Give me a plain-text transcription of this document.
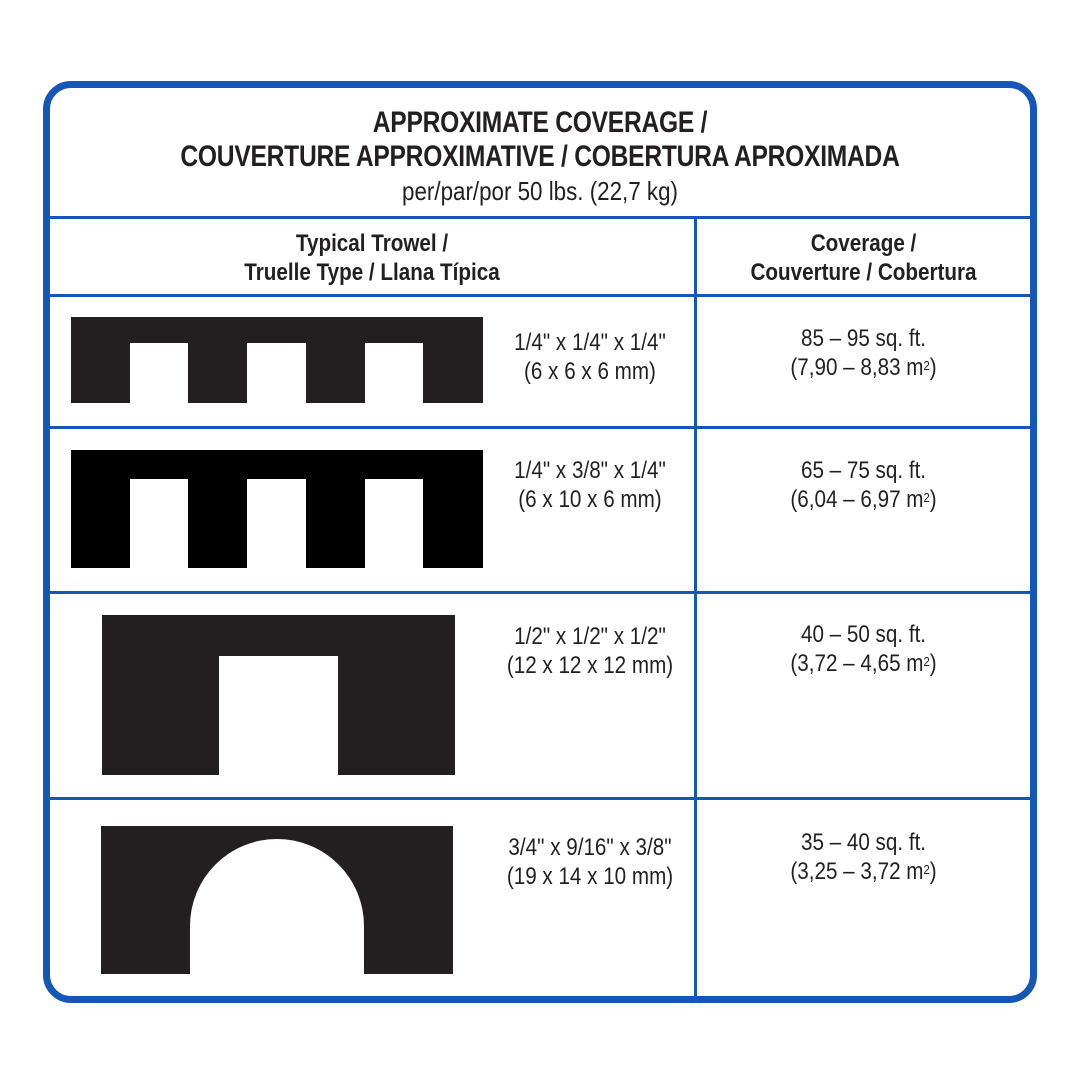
APPROXIMATE COVERAGE /
COUVERTURE APPROXIMATIVE / COBERTURA APROXIMADA
per/par/por 50 lbs. (22,7 kg)
Typical Trowel /
Truelle Type / Llana Típica
Coverage /
Couverture / Cobertura
1/4" x 1/4" x 1/4"
(6 x 6 x 6 mm)
85 – 95 sq. ft.
(7,90 – 8,83 $m^2$)
1/4" x 3/8" x 1/4"
(6 x 10 x 6 mm)
65 – 75 sq. ft.
(6,04 – 6,97 $m^2$)
1/2" x 1/2" x 1/2"
(12 x 12 x 12 mm)
40 – 50 sq. ft.
(3,72 – 4,65 $m^2$)
3/4" x 9/16" x 3/8"
(19 x 14 x 10 mm)
35 – 40 sq. ft.
(3,25 – 3,72 $m^2$)
